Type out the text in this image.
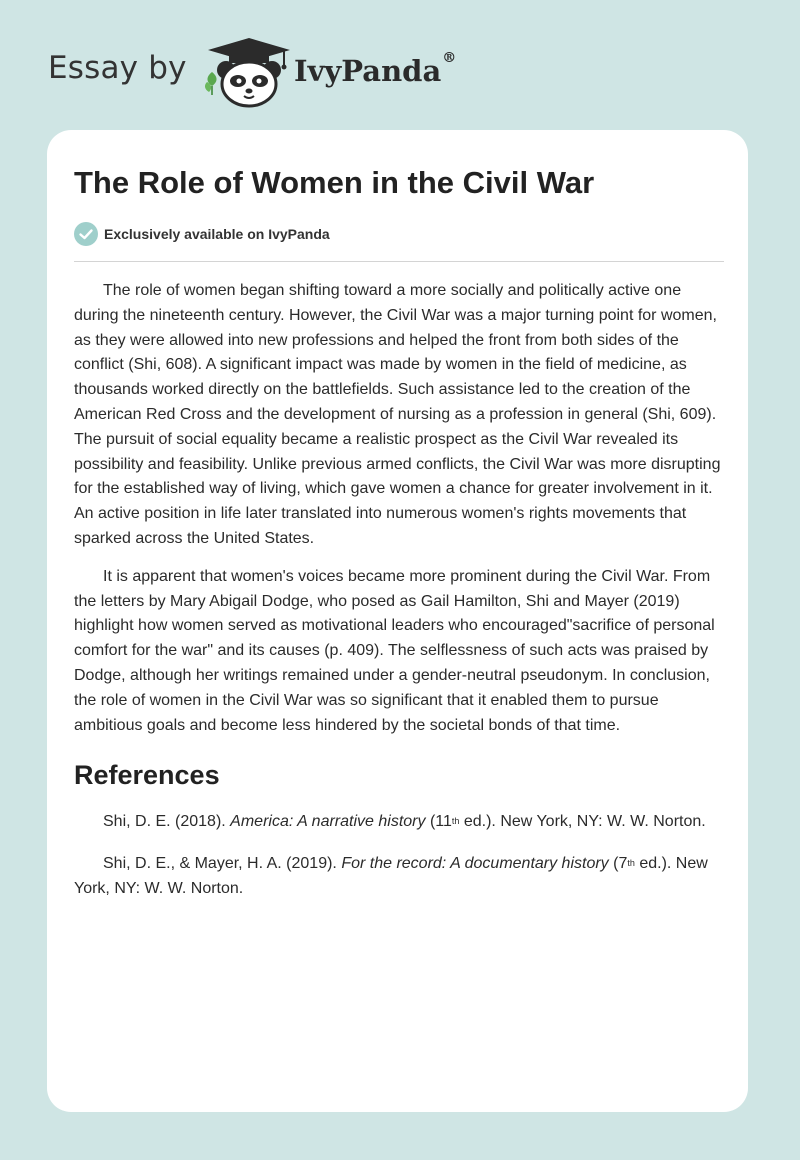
Essay by	IvyPanda®
The Role of Women in the Civil War
Exclusively available on IvyPanda

The role of women began shifting toward a more socially and politically active one during the nineteenth century. However, the Civil War was a major turning point for women, as they were allowed into new professions and helped the front from both sides of the conflict (Shi, 608). A significant impact was made by women in the field of medicine, as thousands worked directly on the battlefields. Such assistance led to the creation of the American Red Cross and the development of nursing as a profession in general (Shi, 609). The pursuit of social equality became a realistic prospect as the Civil War revealed its possibility and feasibility. Unlike previous armed conflicts, the Civil War was more disrupting for the established way of living, which gave women a chance for greater involvement in it. An active position in life later translated into numerous women's rights movements that sparked across the United States.

It is apparent that women's voices became more prominent during the Civil War. From the letters by Mary Abigail Dodge, who posed as Gail Hamilton, Shi and Mayer (2019) highlight how women served as motivational leaders who encouraged"sacrifice of personal comfort for the war" and its causes (p. 409). The selflessness of such acts was praised by Dodge, although her writings remained under a gender-neutral pseudonym. In conclusion, the role of women in the Civil War was so significant that it enabled them to pursue ambitious goals and become less hindered by the societal bonds of that time.

References

Shi, D. E. (2018). America: A narrative history (11th ed.). New York, NY: W. W. Norton.

Shi, D. E., & Mayer, H. A. (2019). For the record: A documentary history (7th ed.). New York, NY: W. W. Norton.
